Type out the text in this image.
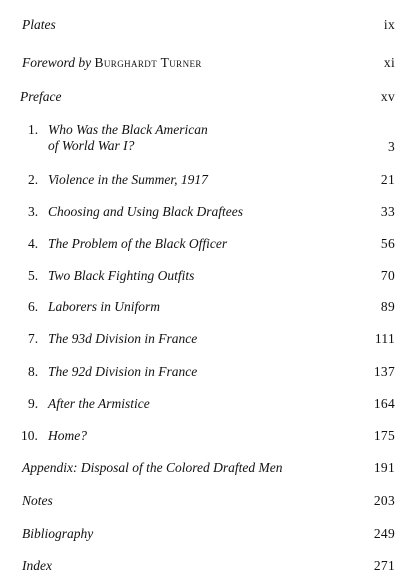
Plates	ix
Foreword by Burghardt Turner	xi
Preface	xv
1. Who Was the Black American
of World War I?	3
2. Violence in the Summer, 1917	21
3. Choosing and Using Black Draftees	33
4. The Problem of the Black Officer	56
5. Two Black Fighting Outfits	70
6. Laborers in Uniform	89
7. The 93d Division in France	111
8. The 92d Division in France	137
9. After the Armistice	164
10. Home?	175
Appendix: Disposal of the Colored Drafted Men	191
Notes	203
Bibliography	249
Index	271
